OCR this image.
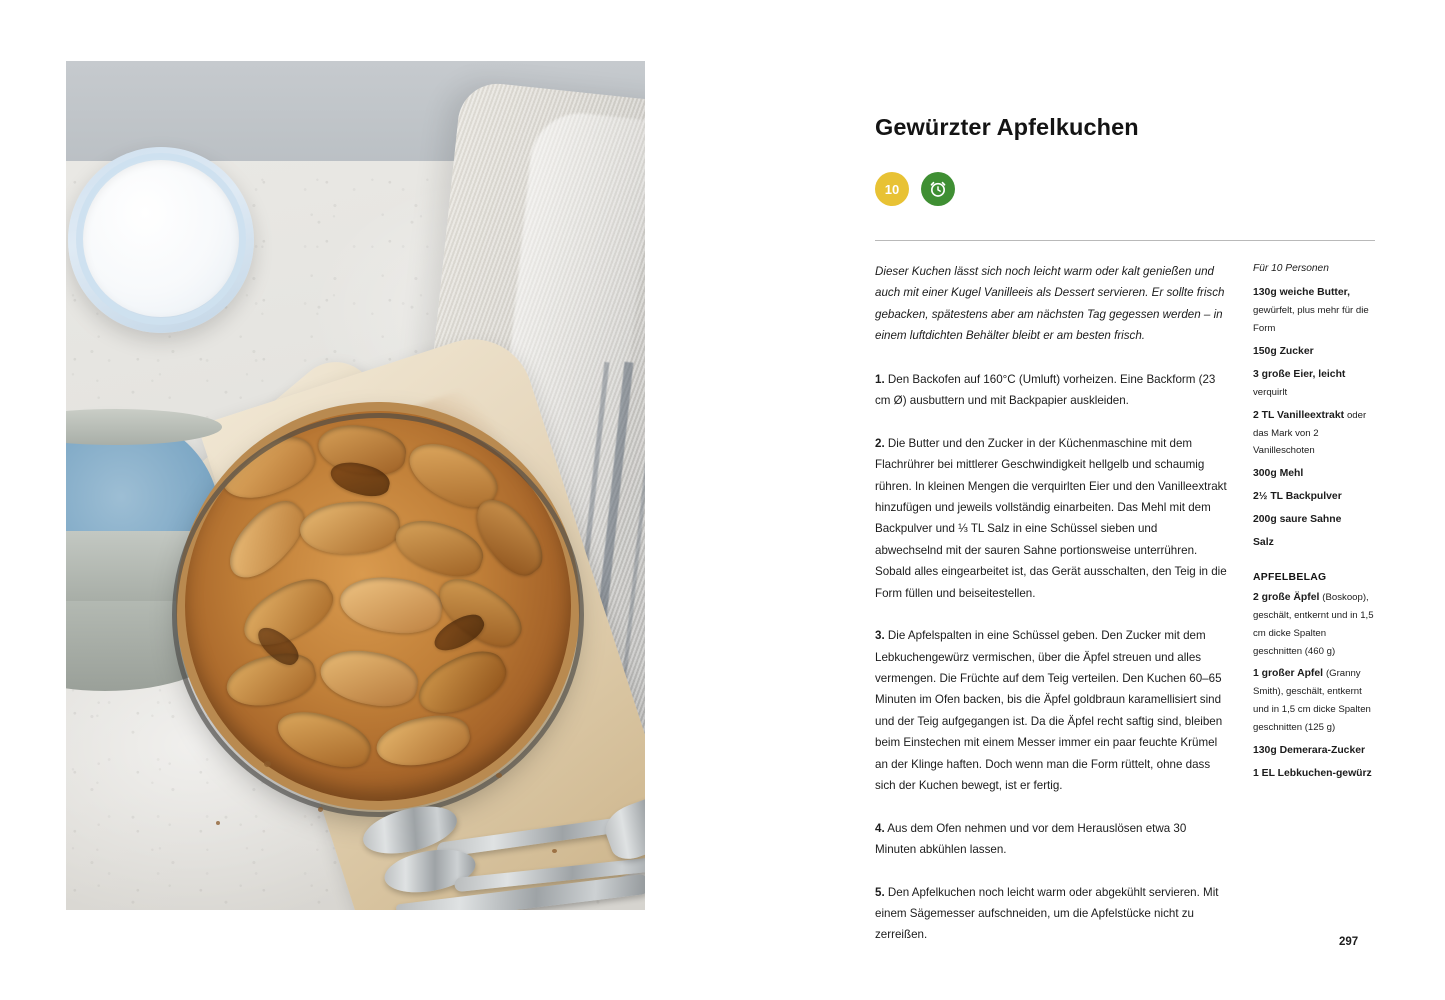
Gewürzter Apfelkuchen
10

Dieser Kuchen lässt sich noch leicht warm oder kalt genießen und auch mit einer Kugel Vanilleeis als Dessert servieren. Er sollte frisch gebacken, spätestens aber am nächsten Tag gegessen werden – in einem luftdichten Behälter bleibt er am besten frisch.

1. Den Backofen auf 160°C (Umluft) vorheizen. Eine Backform (23 cm Ø) ausbuttern und mit Backpapier auskleiden.

2. Die Butter und den Zucker in der Küchenmaschine mit dem Flachrührer bei mittlerer Geschwindigkeit hellgelb und schaumig rühren. In kleinen Mengen die verquirlten Eier und den Vanilleextrakt hinzufügen und jeweils vollständig einarbeiten. Das Mehl mit dem Backpulver und ⅓ TL Salz in eine Schüssel sieben und abwechselnd mit der sauren Sahne portionsweise unterrühren. Sobald alles eingearbeitet ist, das Gerät ausschalten, den Teig in die Form füllen und beiseitestellen.

3. Die Apfelspalten in eine Schüssel geben. Den Zucker mit dem Lebkuchengewürz vermischen, über die Äpfel streuen und alles vermengen. Die Früchte auf dem Teig verteilen. Den Kuchen 60–65 Minuten im Ofen backen, bis die Äpfel goldbraun karamellisiert sind und der Teig aufgegangen ist. Da die Äpfel recht saftig sind, bleiben beim Einstechen mit einem Messer immer ein paar feuchte Krümel an der Klinge haften. Doch wenn man die Form rüttelt, ohne dass sich der Kuchen bewegt, ist er fertig.

4. Aus dem Ofen nehmen und vor dem Herauslösen etwa 30 Minuten abkühlen lassen.

5. Den Apfelkuchen noch leicht warm oder abgekühlt servieren. Mit einem Sägemesser aufschneiden, um die Apfelstücke nicht zu zerreißen.

Für 10 Personen

130g weiche Butter, gewürfelt, plus mehr für die Form

150g Zucker

3 große Eier, leicht verquirlt

2 TL Vanilleextrakt oder das Mark von 2 Vanilleschoten

300g Mehl

2½ TL Backpulver

200g saure Sahne

Salz

APFELBELAG

2 große Äpfel (Boskoop), geschält, entkernt und in 1,5 cm dicke Spalten geschnitten (460 g)

1 großer Apfel (Granny Smith), geschält, entkernt und in 1,5 cm dicke Spalten geschnitten (125 g)

130g Demerara-Zucker

1 EL Lebkuchen-gewürz

297
